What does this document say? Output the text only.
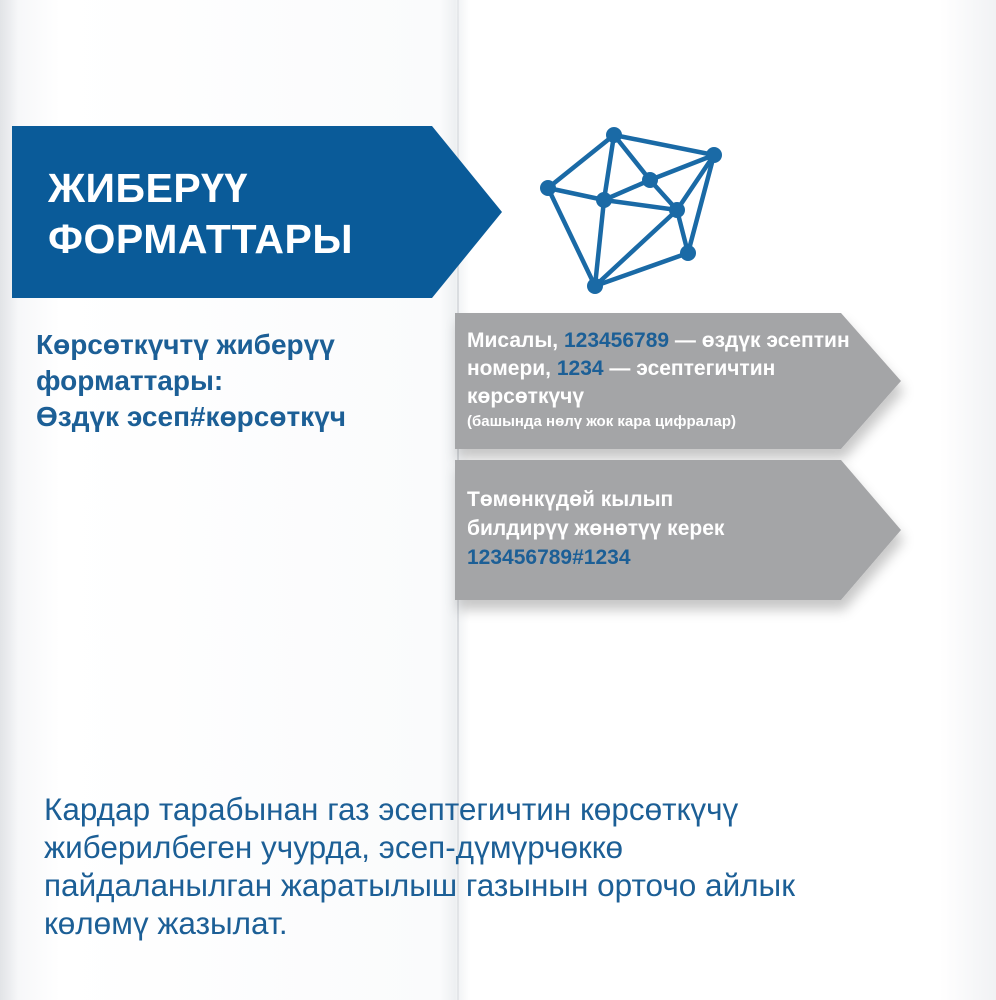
ЖИБЕРҮҮ
ФОРМАТТАРЫ
Көрсөткүчтү жиберүү
форматтары:
Өздүк эсеп#көрсөткүч
Мисалы, 123456789 — өздүк эсептин номери, 1234 — эсептегичтин көрсөткүчү
(башында нөлү жок кара цифралар)
Төмөнкүдөй кылып
билдирүү жөнөтүү керек
123456789#1234

Кардар тарабынан газ эсептегичтин көрсөткүчү
жиберилбеген учурда, эсеп-дүмүрчөккө
пайдаланылган жаратылыш газынын орточо айлык
көлөмү жазылат.
